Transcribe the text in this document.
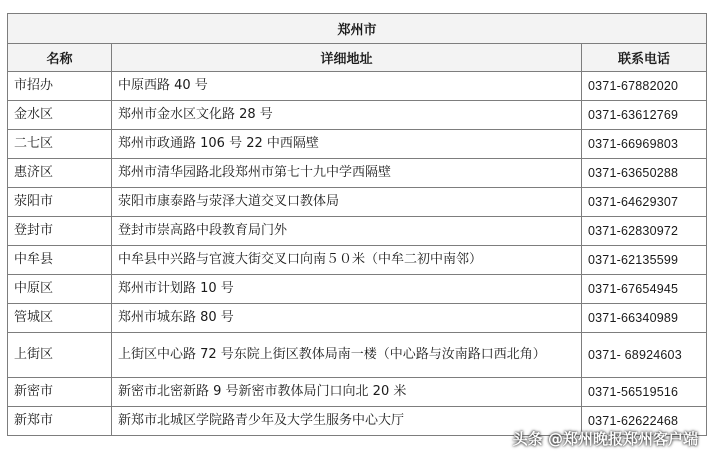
郑州市		
名称	详细地址	联系电话
市招办	中原西路 40 号	0371-67882020
金水区	郑州市金水区文化路 28 号	0371-63612769
二七区	郑州市政通路 106 号 22 中西隔壁	0371-66969803
惠济区	郑州市清华园路北段郑州市第七十九中学西隔壁	0371-63650288
荥阳市	荥阳市康泰路与荥泽大道交叉口教体局	0371-64629307
登封市	登封市崇高路中段教育局门外	0371-62830972
中牟县	中牟县中兴路与官渡大街交叉口向南５０米（中牟二初中南邻）	0371-62135599
中原区	郑州市计划路 10 号	0371-67654945
管城区	郑州市城东路 80 号	0371-66340989
上街区	上街区中心路 72 号东院上街区教体局南一楼（中心路与汝南路口西北角）	0371- 68924603
新密市	新密市北密新路 9 号新密市教体局门口向北 20 米	0371-56519516
新郑市	新郑市北城区学院路青少年及大学生服务中心大厅	0371-62622468
头条 @郑州晚报郑州客户端
